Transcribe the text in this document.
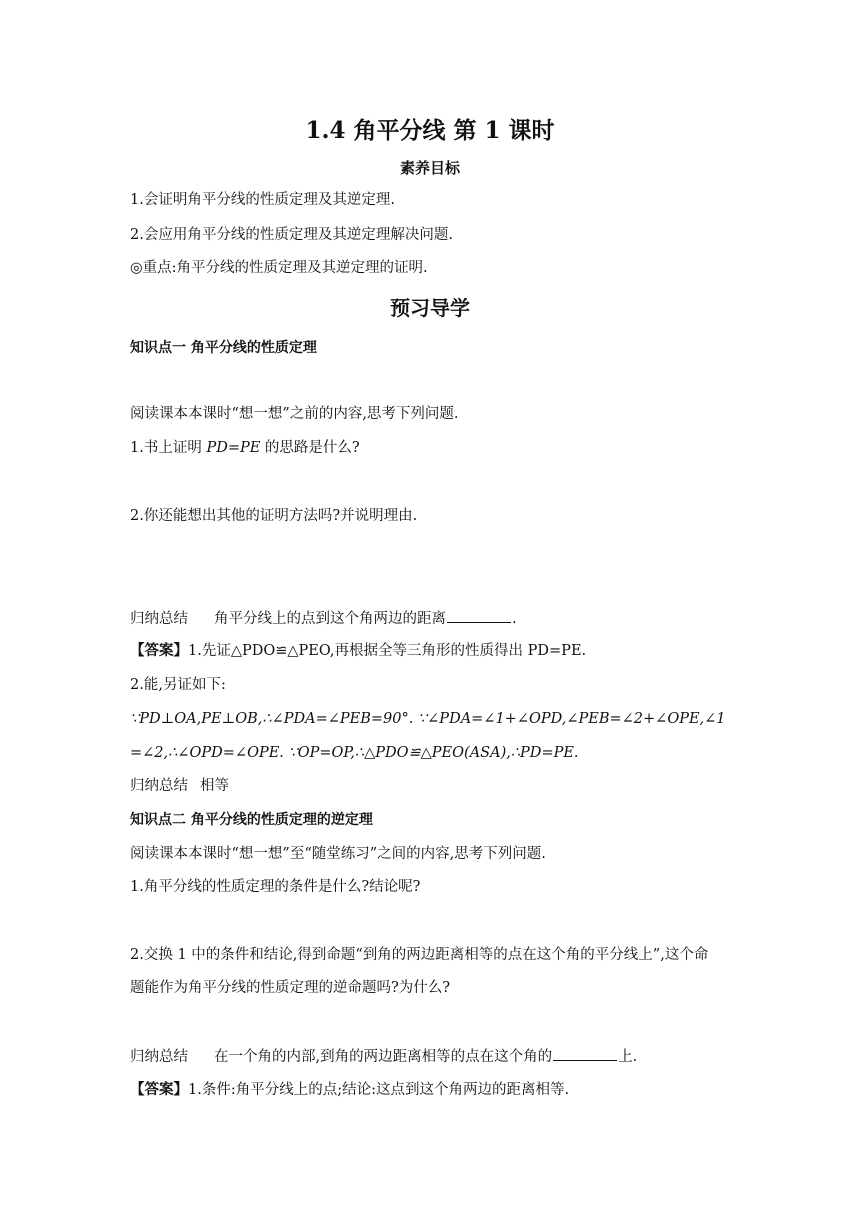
1.4 角平分线 第 1 课时
素养目标
1.会证明角平分线的性质定理及其逆定理.
2.会应用角平分线的性质定理及其逆定理解决问题.
◎重点:角平分线的性质定理及其逆定理的证明.
预习导学
知识点一 角平分线的性质定理
阅读课本本课时“想一想”之前的内容,思考下列问题.
1.书上证明 PD=PE 的思路是什么?
2.你还能想出其他的证明方法吗?并说明理由.
归纳总结 角平分线上的点到这个角两边的距离	.
【答案】1.先证△PDO≌△PEO,再根据全等三角形的性质得出 PD=PE.
2.能,另证如下:
∵PD⊥OA,PE⊥OB,∴∠PDA=∠PEB=90°. ∵∠PDA=∠1+∠OPD,∠PEB=∠2+∠OPE,∠1
=∠2,∴∠OPD=∠OPE. ∵OP=OP,∴△PDO≌△PEO(ASA),∴PD=PE.
归纳总结 相等
知识点二 角平分线的性质定理的逆定理
阅读课本本课时“想一想”至“随堂练习”之间的内容,思考下列问题.
1.角平分线的性质定理的条件是什么?结论呢?
2.交换 1 中的条件和结论,得到命题“到角的两边距离相等的点在这个角的平分线上”,这个命
题能作为角平分线的性质定理的逆命题吗?为什么?
归纳总结 在一个角的内部,到角的两边距离相等的点在这个角的	上.
【答案】1.条件:角平分线上的点;结论:这点到这个角两边的距离相等.
